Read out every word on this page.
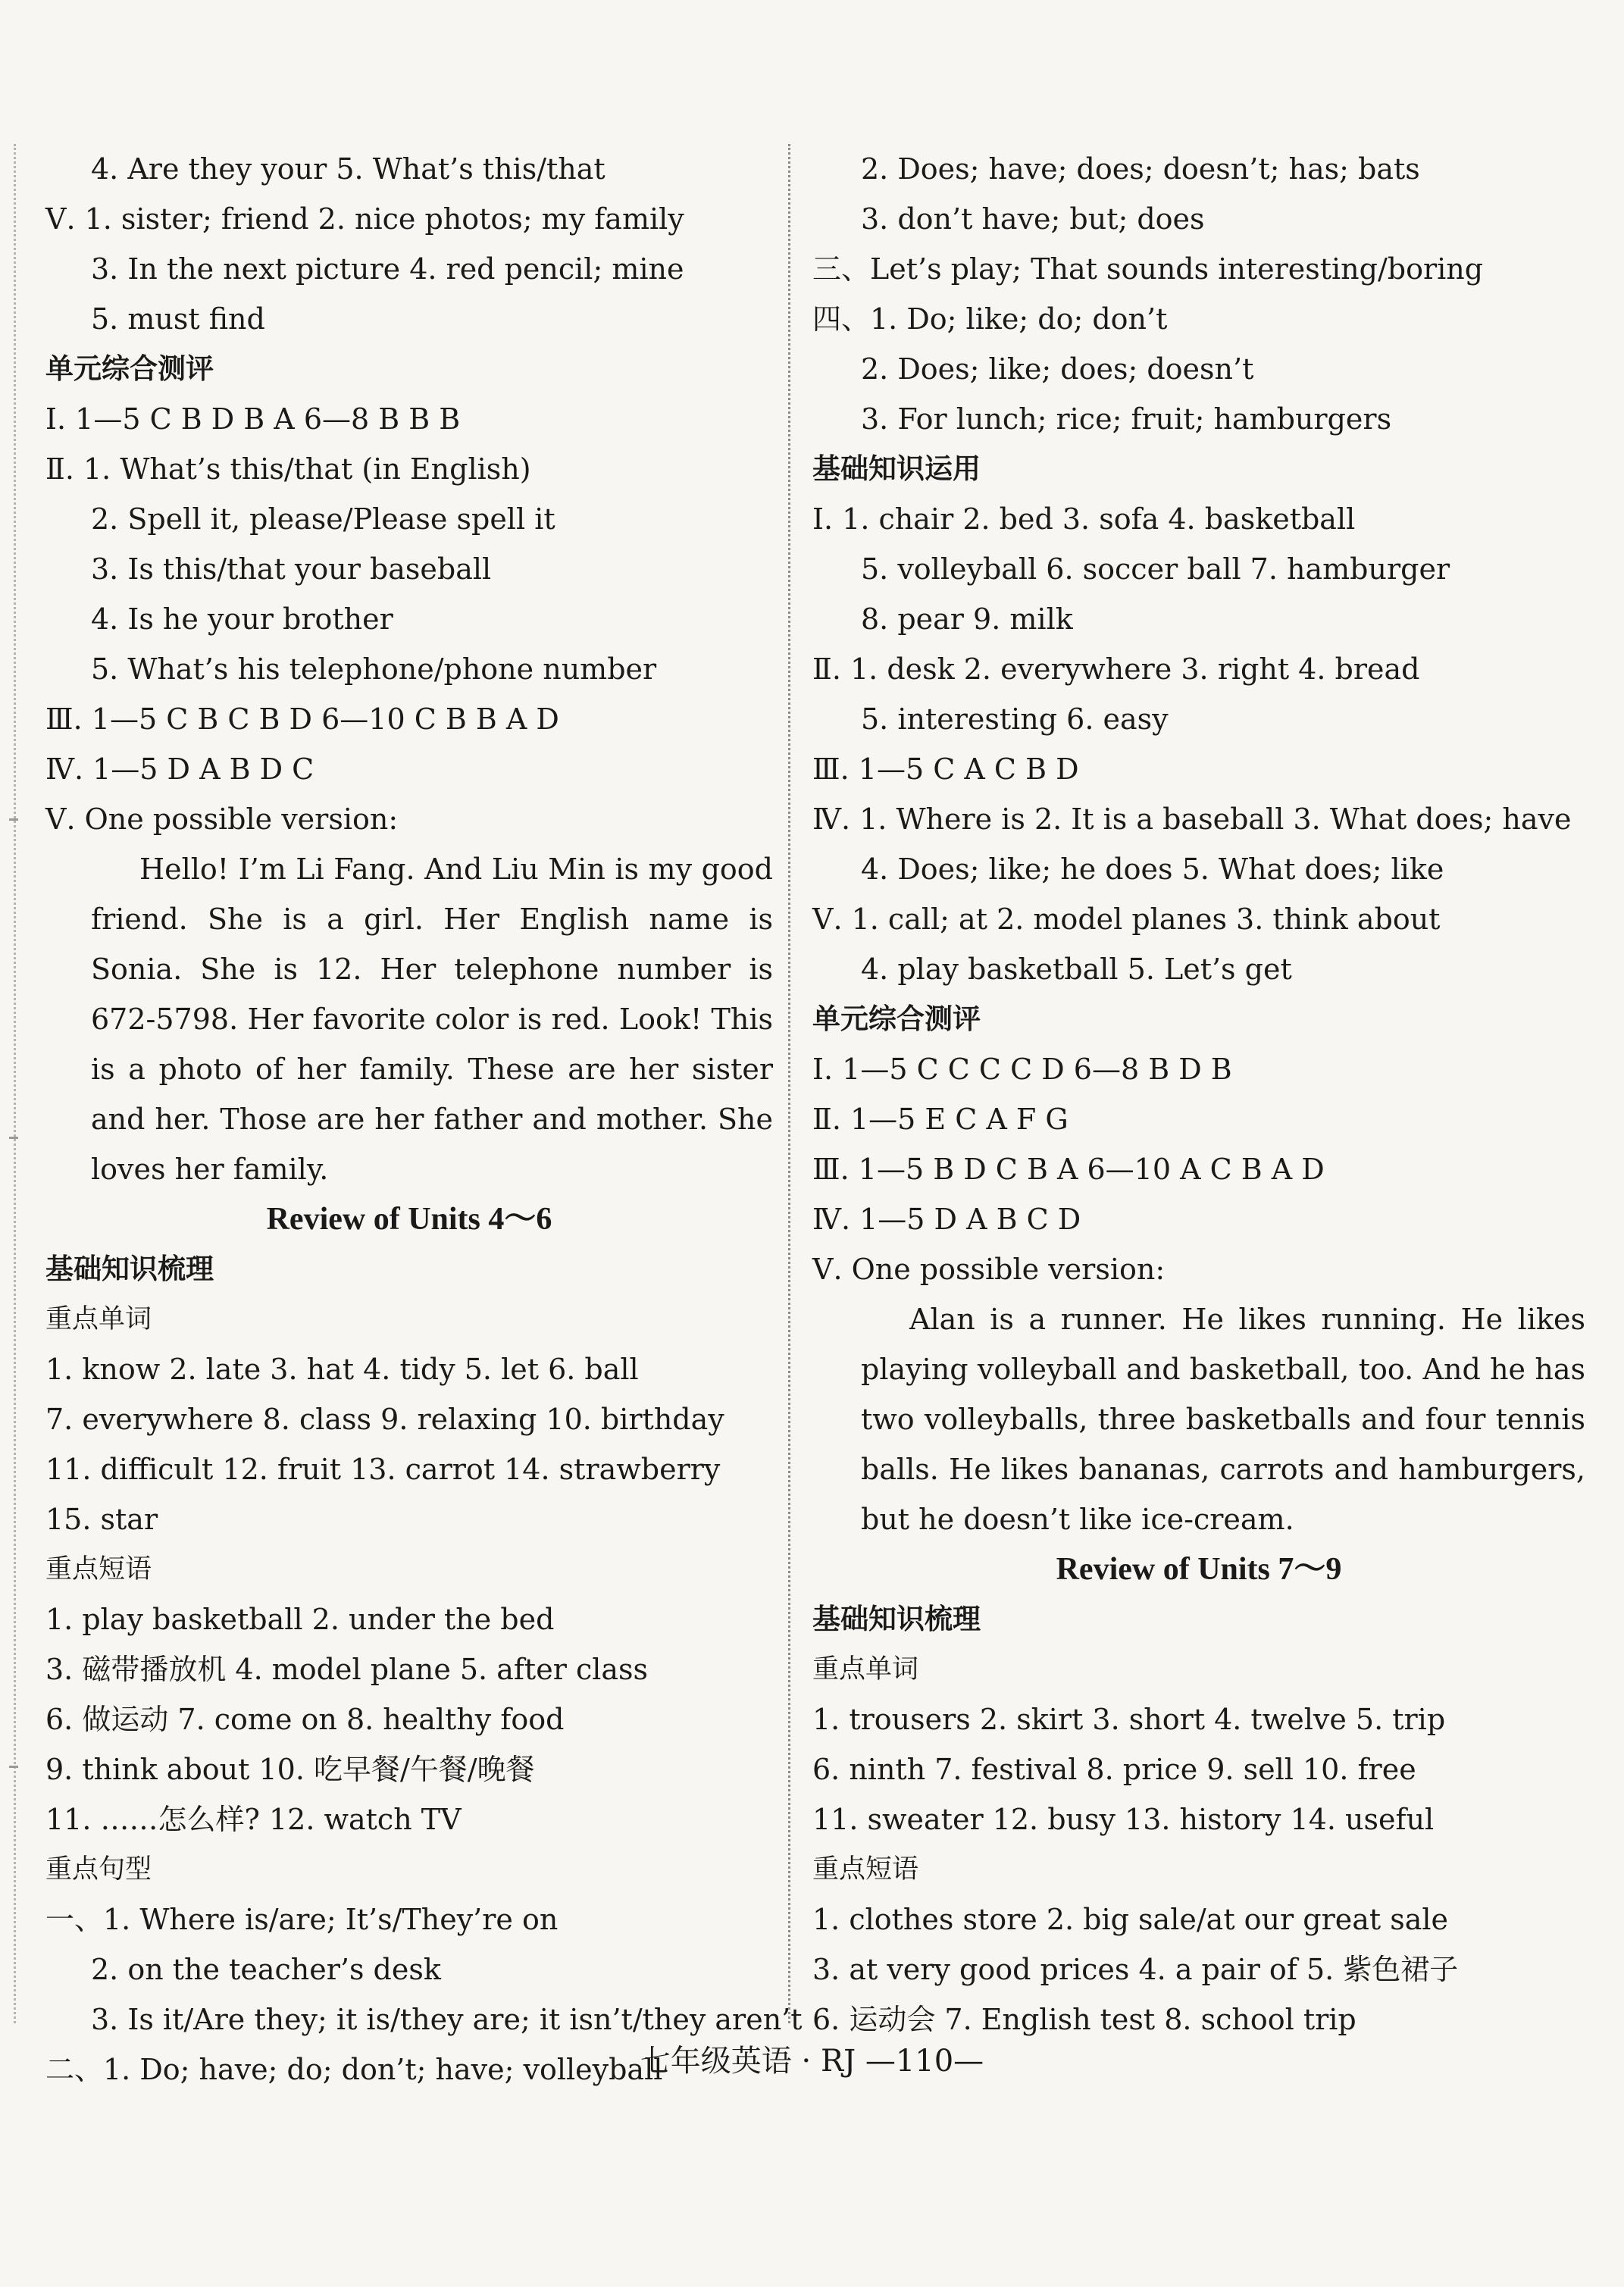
4. Are they your 5. What’s this/that
Ⅴ. 1. sister; friend 2. nice photos; my family
3. In the next picture 4. red pencil; mine
5. must find
单元综合测评
Ⅰ. 1—5 C B D B A 6—8 B B B
Ⅱ. 1. What’s this/that (in English)
2. Spell it, please/Please spell it
3. Is this/that your baseball
4. Is he your brother
5. What’s his telephone/phone number
Ⅲ. 1—5 C B C B D 6—10 C B B A D
Ⅳ. 1—5 D A B D C
Ⅴ. One possible version:
Hello! I’m Li Fang. And Liu Min is my good friend. She is a girl. Her English name is Sonia. She is 12. Her telephone number is 672-5798. Her favorite color is red. Look! This is a photo of her family. These are her sister and her. Those are her father and mother. She loves her family.
Review of Units 4～6
基础知识梳理
重点单词
1. know 2. late 3. hat 4. tidy 5. let 6. ball
7. everywhere 8. class 9. relaxing 10. birthday
11. difficult 12. fruit 13. carrot 14. strawberry
15. star
重点短语
1. play basketball 2. under the bed
3. 磁带播放机 4. model plane 5. after class
6. 做运动 7. come on 8. healthy food
9. think about 10. 吃早餐/午餐/晚餐
11. ……怎么样? 12. watch TV
重点句型
一、1. Where is/are; It’s/They’re on
2. on the teacher’s desk
3. Is it/Are they; it is/they are; it isn’t/they aren’t
二、1. Do; have; do; don’t; have; volleyball
2. Does; have; does; doesn’t; has; bats
3. don’t have; but; does
三、Let’s play; That sounds interesting/boring
四、1. Do; like; do; don’t
2. Does; like; does; doesn’t
3. For lunch; rice; fruit; hamburgers
基础知识运用
Ⅰ. 1. chair 2. bed 3. sofa 4. basketball
5. volleyball 6. soccer ball 7. hamburger
8. pear 9. milk
Ⅱ. 1. desk 2. everywhere 3. right 4. bread
5. interesting 6. easy
Ⅲ. 1—5 C A C B D
Ⅳ. 1. Where is 2. It is a baseball 3. What does; have
4. Does; like; he does 5. What does; like
Ⅴ. 1. call; at 2. model planes 3. think about
4. play basketball 5. Let’s get
单元综合测评
Ⅰ. 1—5 C C C C D 6—8 B D B
Ⅱ. 1—5 E C A F G
Ⅲ. 1—5 B D C B A 6—10 A C B A D
Ⅳ. 1—5 D A B C D
Ⅴ. One possible version:
Alan is a runner. He likes running. He likes playing volleyball and basketball, too. And he has two volleyballs, three basketballs and four tennis balls. He likes bananas, carrots and hamburgers, but he doesn’t like ice-cream.
Review of Units 7～9
基础知识梳理
重点单词
1. trousers 2. skirt 3. short 4. twelve 5. trip
6. ninth 7. festival 8. price 9. sell 10. free
11. sweater 12. busy 13. history 14. useful
重点短语
1. clothes store 2. big sale/at our great sale
3. at very good prices 4. a pair of 5. 紫色裙子
6. 运动会 7. English test 8. school trip
七年级英语 · RJ —110—
